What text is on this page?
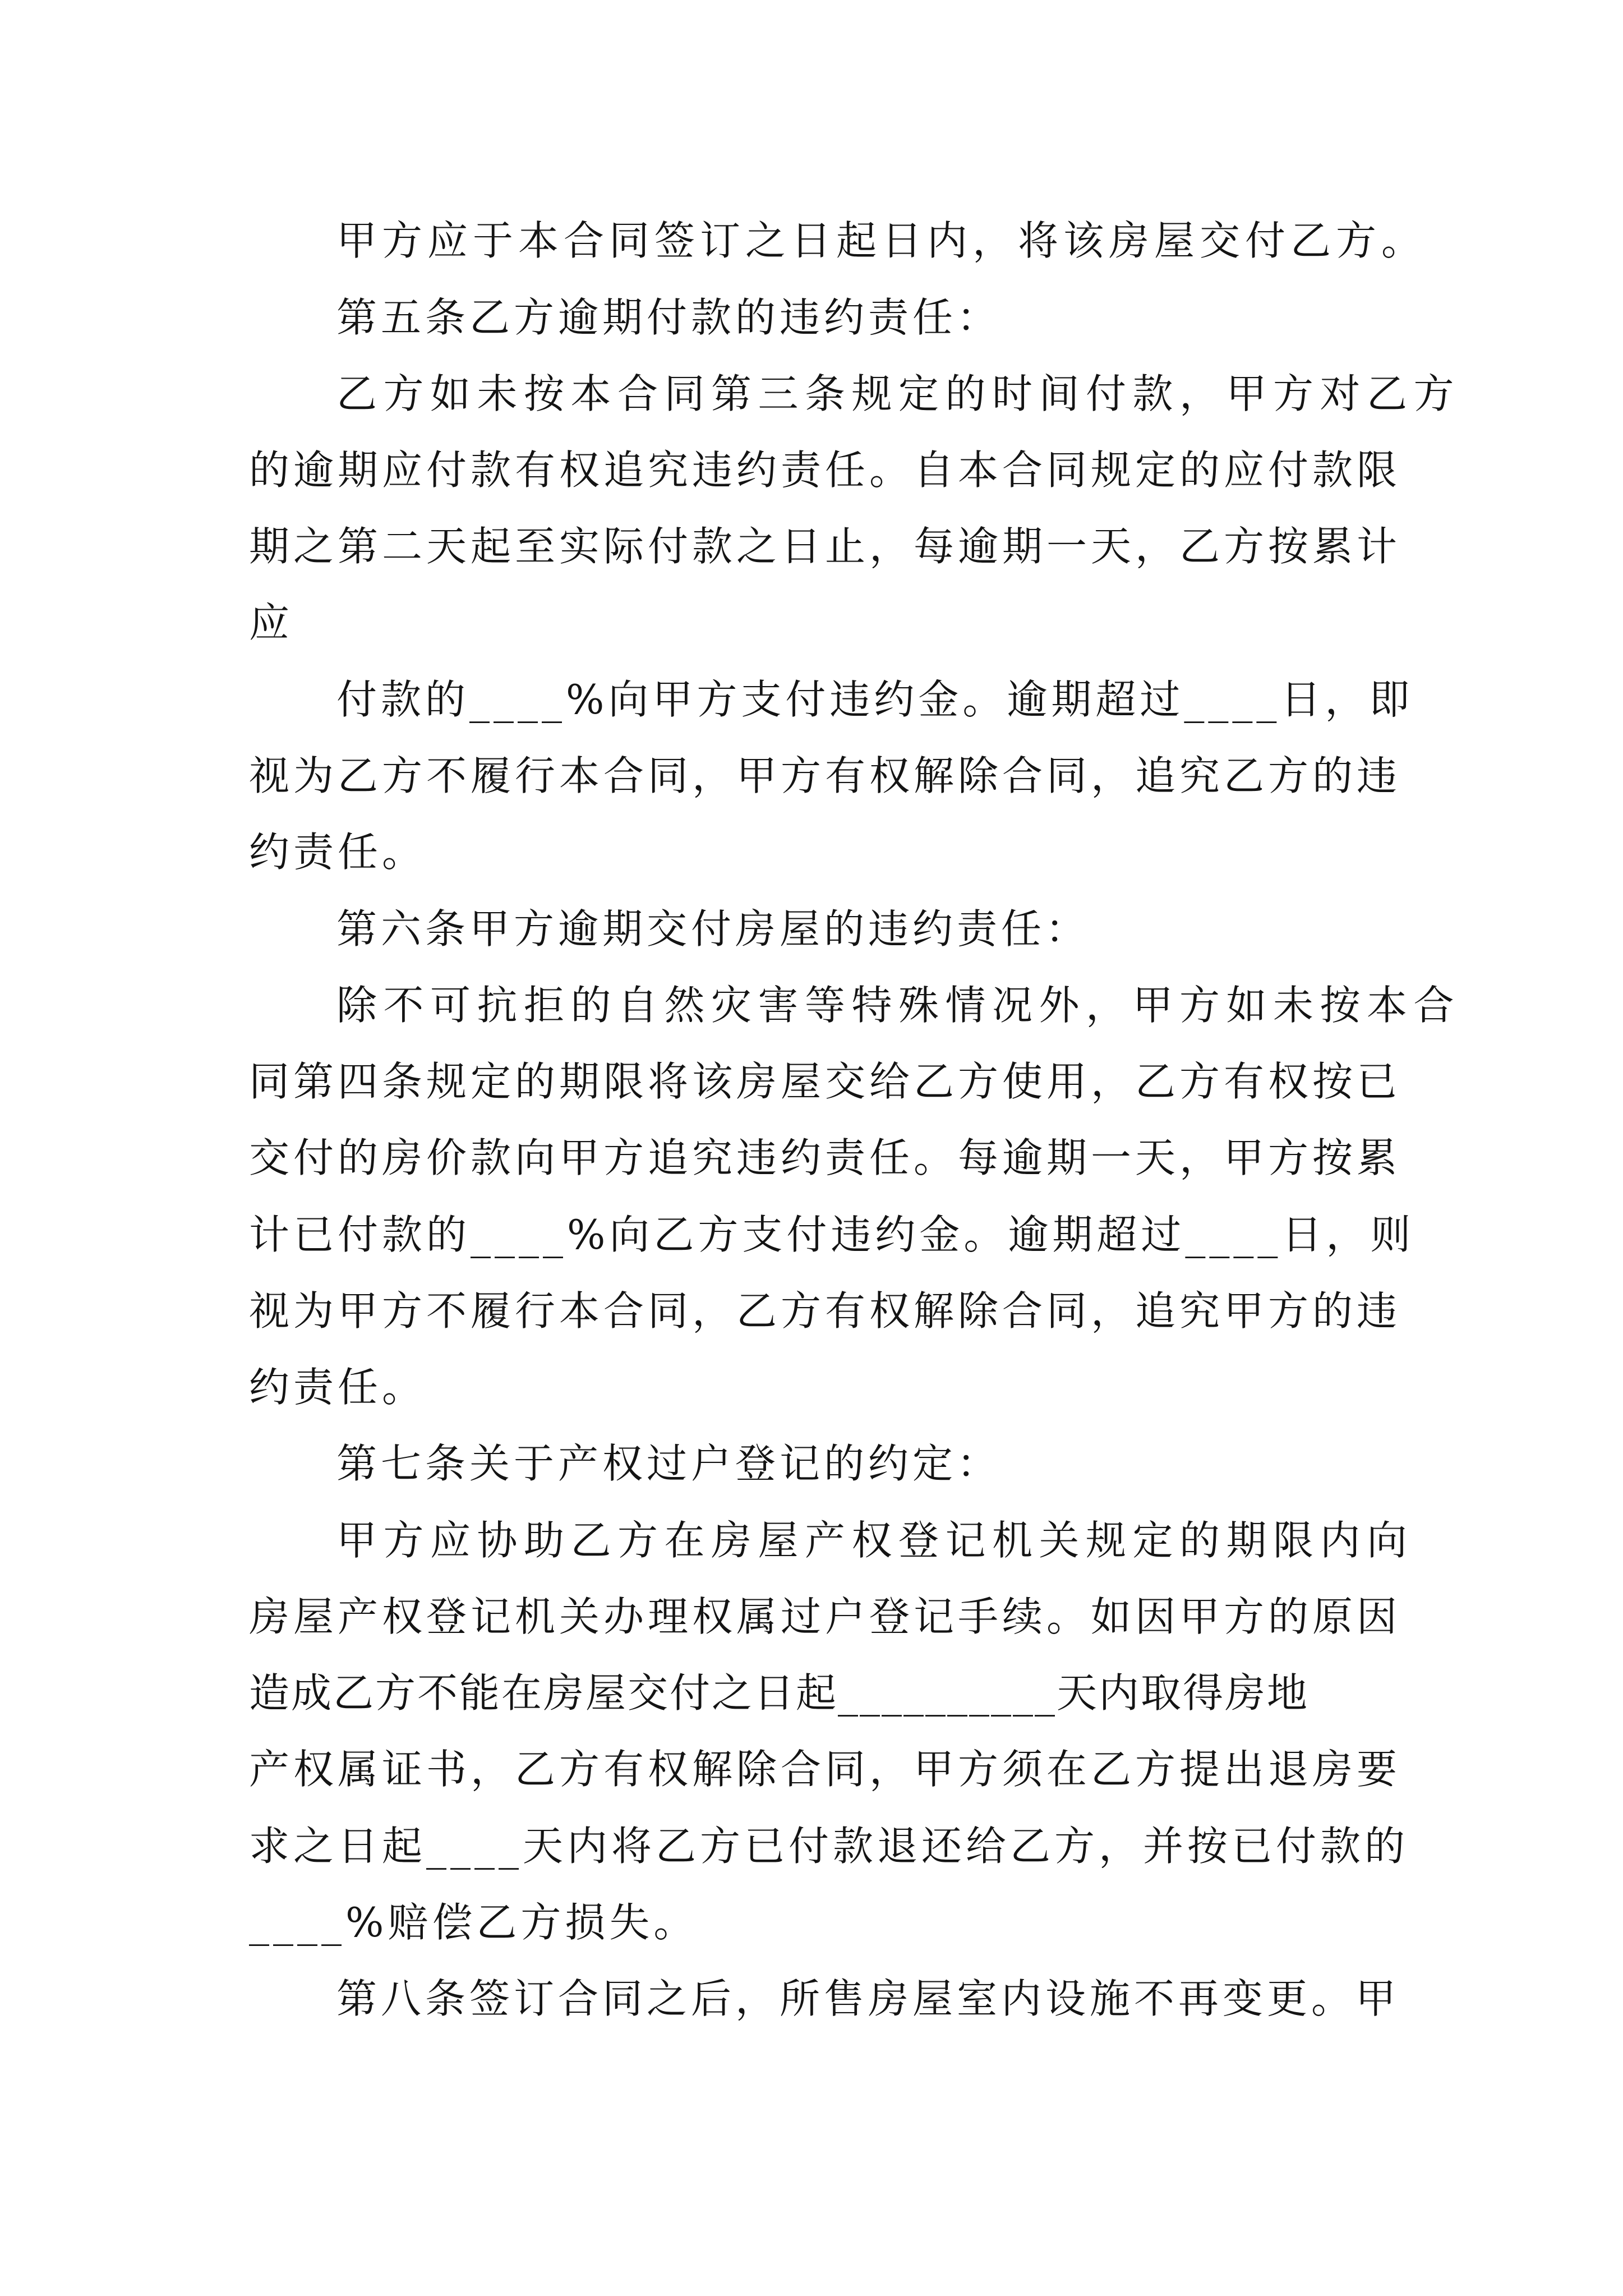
甲方应于本合同签订之日起日内，将该房屋交付乙方。
第五条乙方逾期付款的违约责任：
乙方如未按本合同第三条规定的时间付款，甲方对乙方
的逾期应付款有权追究违约责任。自本合同规定的应付款限
期之第二天起至实际付款之日止，每逾期一天，乙方按累计
应
付款的____%向甲方支付违约金。逾期超过____日，即
视为乙方不履行本合同，甲方有权解除合同，追究乙方的违
约责任。
第六条甲方逾期交付房屋的违约责任：
除不可抗拒的自然灾害等特殊情况外，甲方如未按本合
同第四条规定的期限将该房屋交给乙方使用，乙方有权按已
交付的房价款向甲方追究违约责任。每逾期一天，甲方按累
计已付款的____%向乙方支付违约金。逾期超过____日，则
视为甲方不履行本合同，乙方有权解除合同，追究甲方的违
约责任。
第七条关于产权过户登记的约定：
甲方应协助乙方在房屋产权登记机关规定的期限内向
房屋产权登记机关办理权属过户登记手续。如因甲方的原因
造成乙方不能在房屋交付之日起__________天内取得房地
产权属证书，乙方有权解除合同，甲方须在乙方提出退房要
求之日起____天内将乙方已付款退还给乙方，并按已付款的
____%赔偿乙方损失。
第八条签订合同之后，所售房屋室内设施不再变更。甲
